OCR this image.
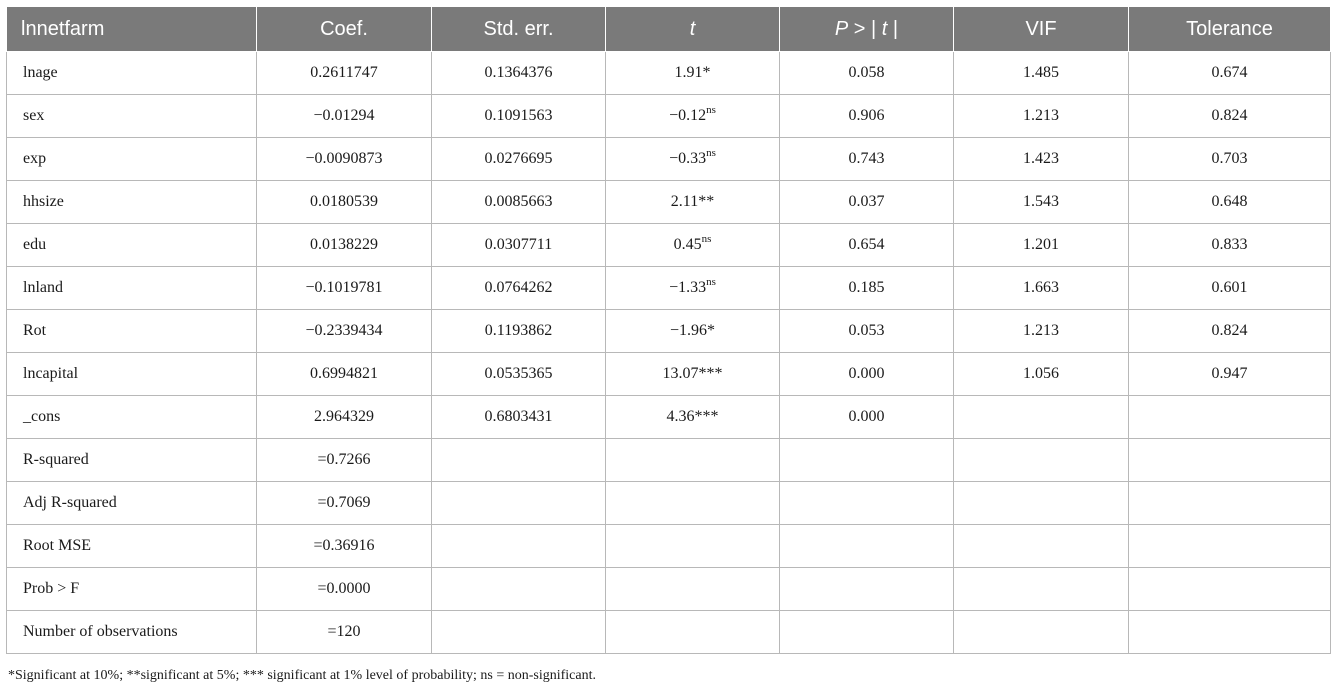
lnnetfarm	Coef.	Std. err.	t	P > | t |	VIF	Tolerance
lnage	0.2611747	0.1364376	1.91*	0.058	1.485	0.674
sex	−0.01294	0.1091563	$-0.12^{ns}$	0.906	1.213	0.824
exp	−0.0090873	0.0276695	$-0.33^{ns}$	0.743	1.423	0.703
hhsize	0.0180539	0.0085663	2.11**	0.037	1.543	0.648
edu	0.0138229	0.0307711	$0.45^{ns}$	0.654	1.201	0.833
lnland	−0.1019781	0.0764262	$-1.33^{ns}$	0.185	1.663	0.601
Rot	−0.2339434	0.1193862	−1.96*	0.053	1.213	0.824
lncapital	0.6994821	0.0535365	13.07***	0.000	1.056	0.947
_cons	2.964329	0.6803431	4.36***	0.000		
R-squared	=0.7266					
Adj R-squared	=0.7069					
Root MSE	=0.36916					
Prob > F	=0.0000					
Number of observations	=120					
*Significant at 10%; **significant at 5%; *** significant at 1% level of probability; ns = non-significant.
